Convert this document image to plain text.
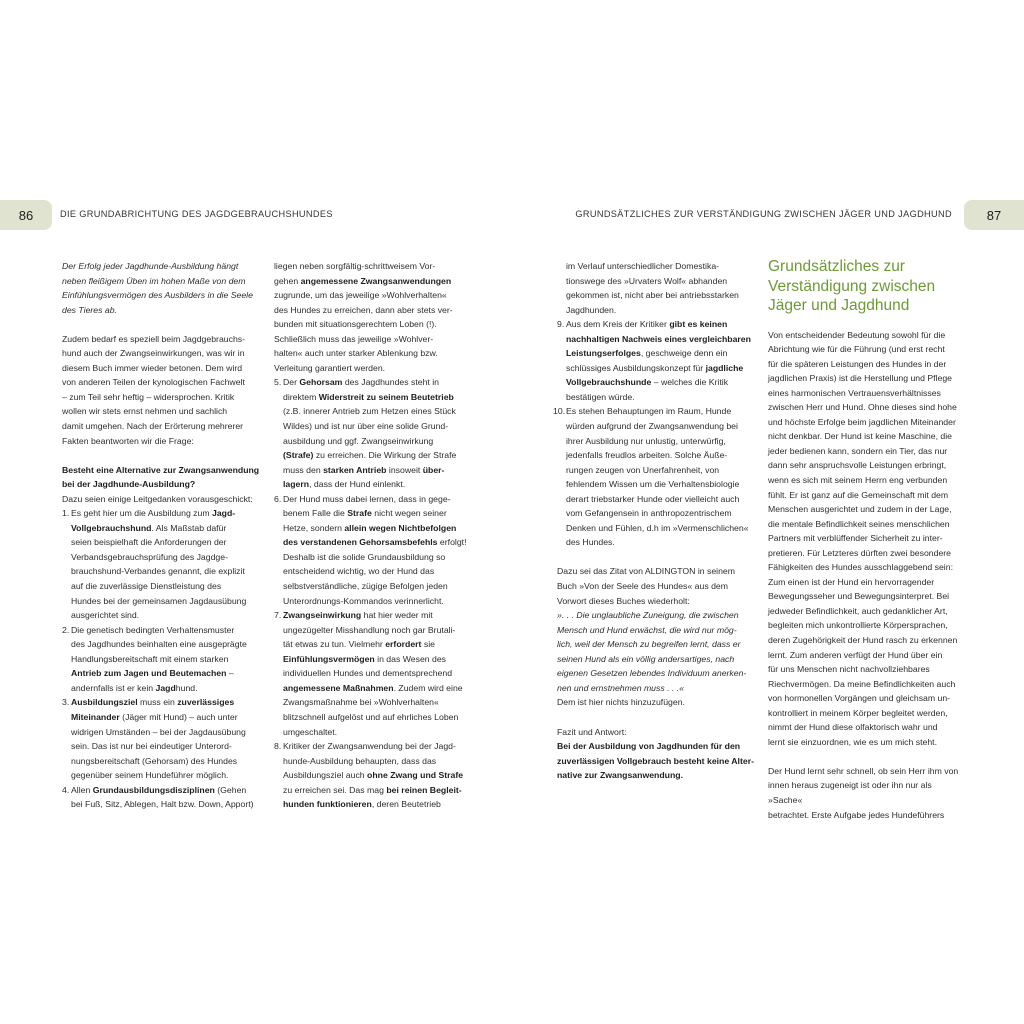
86	DIE GRUNDABRICHTUNG DES JAGDGEBRAUCHSHUNDES	GRUNDSÄTZLICHES ZUR VERSTÄNDIGUNG ZWISCHEN JÄGER UND JAGDHUND	87
Der Erfolg jeder Jagdhunde-Ausbildung hängt
neben fleißigem Üben im hohen Maße von dem
Einfühlungsvermögen des Ausbilders in die Seele
des Tieres ab.
Zudem bedarf es speziell beim Jagdgebrauchs-
hund auch der Zwangseinwirkungen, was wir in
diesem Buch immer wieder betonen. Dem wird
von anderen Teilen der kynologischen Fachwelt
– zum Teil sehr heftig – widersprochen. Kritik
wollen wir stets ernst nehmen und sachlich
damit umgehen. Nach der Erörterung mehrerer
Fakten beantworten wir die Frage:
Besteht eine Alternative zur Zwangsanwendung
bei der Jagdhunde-Ausbildung?
Dazu seien einige Leitgedanken vorausgeschickt:
1. Es geht hier um die Ausbildung zum Jagd-
Vollgebrauchshund. Als Maßstab dafür
seien beispielhaft die Anforderungen der
Verbandsgebrauchsprüfung des Jagdge-
brauchshund-Verbandes genannt, die explizit
auf die zuverlässige Dienstleistung des
Hundes bei der gemeinsamen Jagdausübung
ausgerichtet sind.
2. Die genetisch bedingten Verhaltensmuster
des Jagdhundes beinhalten eine ausgeprägte
Handlungsbereitschaft mit einem starken
Antrieb zum Jagen und Beutemachen –
andernfalls ist er kein Jagdhund.
3. Ausbildungsziel muss ein zuverlässiges
Miteinander (Jäger mit Hund) – auch unter
widrigen Umständen – bei der Jagdausübung
sein. Das ist nur bei eindeutiger Unterord-
nungsbereitschaft (Gehorsam) des Hundes
gegenüber seinem Hundeführer möglich.
4. Allen Grundausbildungsdisziplinen (Gehen
bei Fuß, Sitz, Ablegen, Halt bzw. Down, Apport)
liegen neben sorgfältig-schrittweisem Vor-
gehen angemessene Zwangsanwendungen
zugrunde, um das jeweilige »Wohlverhalten«
des Hundes zu erreichen, dann aber stets ver-
bunden mit situationsgerechtem Loben (!).
Schließlich muss das jeweilige »Wohlver-
halten« auch unter starker Ablenkung bzw.
Verleitung garantiert werden.
5. Der Gehorsam des Jagdhundes steht in
direktem Widerstreit zu seinem Beutetrieb
(z.B. innerer Antrieb zum Hetzen eines Stück
Wildes) und ist nur über eine solide Grund-
ausbildung und ggf. Zwangseinwirkung
(Strafe) zu erreichen. Die Wirkung der Strafe
muss den starken Antrieb insoweit über-
lagern, dass der Hund einlenkt.
6. Der Hund muss dabei lernen, dass in gege-
benem Falle die Strafe nicht wegen seiner
Hetze, sondern allein wegen Nichtbefolgen
des verstandenen Gehorsamsbefehls erfolgt!
Deshalb ist die solide Grundausbildung so
entscheidend wichtig, wo der Hund das
selbstverständliche, zügige Befolgen jeden
Unterordnungs-Kommandos verinnerlicht.
7. Zwangseinwirkung hat hier weder mit
ungezügelter Misshandlung noch gar Brutali-
tät etwas zu tun. Vielmehr erfordert sie
Einfühlungsvermögen in das Wesen des
individuellen Hundes und dementsprechend
angemessene Maßnahmen. Zudem wird eine
Zwangsmaßnahme bei »Wohlverhalten«
blitzschnell aufgelöst und auf ehrliches Loben
umgeschaltet.
8. Kritiker der Zwangsanwendung bei der Jagd-
hunde-Ausbildung behaupten, dass das
Ausbildungsziel auch ohne Zwang und Strafe
zu erreichen sei. Das mag bei reinen Begleit-
hunden funktionieren, deren Beutetrieb
im Verlauf unterschiedlicher Domestika-
tionswege des »Urvaters Wolf« abhanden
gekommen ist, nicht aber bei antriebsstarken
Jagdhunden.
9. Aus dem Kreis der Kritiker gibt es keinen
nachhaltigen Nachweis eines vergleichbaren
Leistungserfolges, geschweige denn ein
schlüssiges Ausbildungskonzept für jagdliche
Vollgebrauchshunde – welches die Kritik
bestätigen würde.
10. Es stehen Behauptungen im Raum, Hunde
würden aufgrund der Zwangsanwendung bei
ihrer Ausbildung nur unlustig, unterwürfig,
jedenfalls freudlos arbeiten. Solche Äuße-
rungen zeugen von Unerfahrenheit, von
fehlendem Wissen um die Verhaltensbiologie
derart triebstarker Hunde oder vielleicht auch
vom Gefangensein in anthropozentrischem
Denken und Fühlen, d.h im »Vermenschlichen«
des Hundes.
Dazu sei das Zitat von ALDINGTON in seinem
Buch »Von der Seele des Hundes« aus dem
Vorwort dieses Buches wiederholt:
». . . Die unglaubliche Zuneigung, die zwischen
Mensch und Hund erwächst, die wird nur mög-
lich, weil der Mensch zu begreifen lernt, dass er
seinen Hund als ein völlig andersartiges, nach
eigenen Gesetzen lebendes Individuum anerken-
nen und ernstnehmen muss . . .«
Dem ist hier nichts hinzuzufügen.
Fazit und Antwort:
Bei der Ausbildung von Jagdhunden für den
zuverlässigen Vollgebrauch besteht keine Alter-
native zur Zwangsanwendung.
Grundsätzliches zur
Verständigung zwischen
Jäger und Jagdhund
Von entscheidender Bedeutung sowohl für die
Abrichtung wie für die Führung (und erst recht
für die späteren Leistungen des Hundes in der
jagdlichen Praxis) ist die Herstellung und Pflege
eines harmonischen Vertrauensverhältnisses
zwischen Herr und Hund. Ohne dieses sind hohe
und höchste Erfolge beim jagdlichen Miteinander
nicht denkbar. Der Hund ist keine Maschine, die
jeder bedienen kann, sondern ein Tier, das nur
dann sehr anspruchsvolle Leistungen erbringt,
wenn es sich mit seinem Herrn eng verbunden
fühlt. Er ist ganz auf die Gemeinschaft mit dem
Menschen ausgerichtet und zudem in der Lage,
die mentale Befindlichkeit seines menschlichen
Partners mit verblüffender Sicherheit zu inter-
pretieren. Für Letzteres dürften zwei besondere
Fähigkeiten des Hundes ausschlaggebend sein:
Zum einen ist der Hund ein hervorragender
Bewegungsseher und Bewegungsinterpret. Bei
jedweder Befindlichkeit, auch gedanklicher Art,
begleiten mich unkontrollierte Körpersprachen,
deren Zugehörigkeit der Hund rasch zu erkennen
lernt. Zum anderen verfügt der Hund über ein
für uns Menschen nicht nachvollziehbares
Riechvermögen. Da meine Befindlichkeiten auch
von hormonellen Vorgängen und gleichsam un-
kontrolliert in meinem Körper begleitet werden,
nimmt der Hund diese olfaktorisch wahr und
lernt sie einzuordnen, wie es um mich steht.
Der Hund lernt sehr schnell, ob sein Herr ihm von
innen heraus zugeneigt ist oder ihn nur als »Sache«
betrachtet. Erste Aufgabe jedes Hundeführers
